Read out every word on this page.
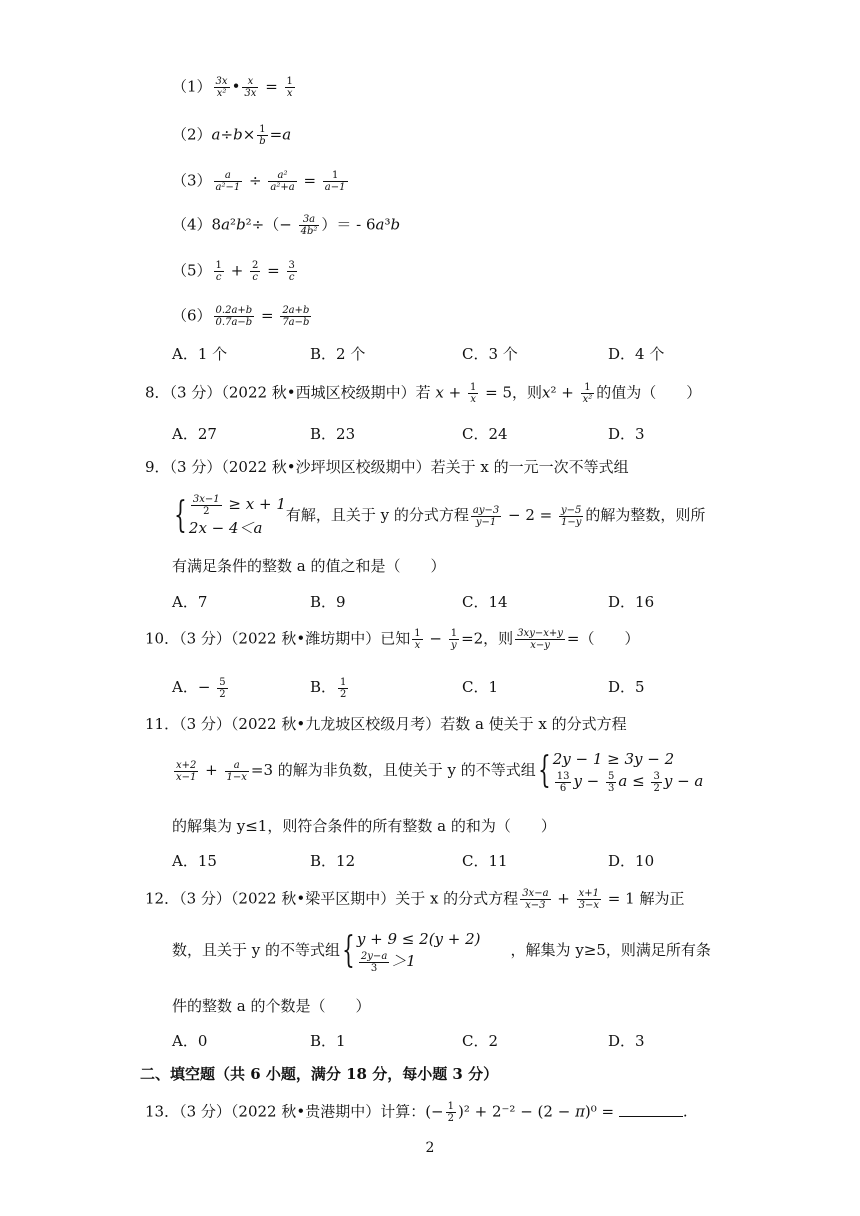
$(1) \frac{3x}{\text{x²}}$ • $\frac{x}{3x} = \frac{1}{x}$
$(2)a\div b\times \frac{1}{b} =a$
$(3) \frac{a}{\text{a²−1}} \div \frac{\text{a²}}{\text{a²+a}} = \frac{1}{a-1}$
$(4)8a^2b^2\div(- \frac{3a}{\text{4b²}}$ ）＝ - 6a³b
$(5) \frac{1}{c} + \frac{2}{c} = \frac{3}{c}$
$(6) \frac{0.2a+b}{0.7a-b} = \frac{2a+b}{7a-b}$
A．1 个	B．2 个	C．3 个	D．4 个
8．（3 分）（2022 秋•西城区校级期中）若 $x + \frac{1}{x} = 5$，则$x^2 + \frac{1}{\text{x²}}$ 的值为（　　）
A．27	B．23	C．24	D．3
9．（3 分）（2022 秋•沙坪坝区校级期中）若关于 x 的一元一次不等式组
{ $\frac{3x-1}{2} \ge x + 1$
2x − 4＜a有解，且关于 y 的分式方程 $\frac{ay-3}{y-1} - 2 = \frac{y-5}{1-y}$ 的解为整数，则所
有满足条件的整数 a 的值之和是（　　）
A．7	B．9	C．14	D．16
10．（3 分）（2022 秋•潍坊期中）已知 $\frac{1}{x} - \frac{1}{y} =2$，则 $\frac{3xy-x+y}{x-y}$ =（　　）
A．− $\frac{5}{2}$	B． $\frac{1}{2}$	C．1	D．5
11．（3 分）（2022 秋•九龙坡区校级月考）若数 a 使关于 x 的分式方程
$\frac{x+2}{x-1} + \frac{a}{1-x} =3$ 的解为非负数，且使关于 y 的不等式组{ 2y − 1 ≥ 3y − 2

$\frac{13}{6}$ $y - \frac{5}{3}$ $a \le \frac{3}{2}$ y − a
的解集为 y≤1，则符合条件的所有整数 a 的和为（　　）
A．15	B．12	C．11	D．10
12．（3 分）（2022 秋•梁平区期中）关于 x 的分式方程 $\frac{3x-a}{x-3} + \frac{x+1}{3-x} = 1$ 解为正
数，且关于 y 的不等式组{ y + 9 ≤ 2(y + 2)

$\frac{2y-a}{3} >1$　　，解集为 y≥5，则满足所有条
件的整数 a 的个数是（　　）
A．0	B．1	C．2	D．3
二、填空题（共 6 小题，满分 18 分，每小题 3 分）
13．（3 分）（2022 秋•贵港期中）计算：(− $\frac{1}{2} )^2 + 2^{-2} - (2 - \pi)^0$ =	.
2
